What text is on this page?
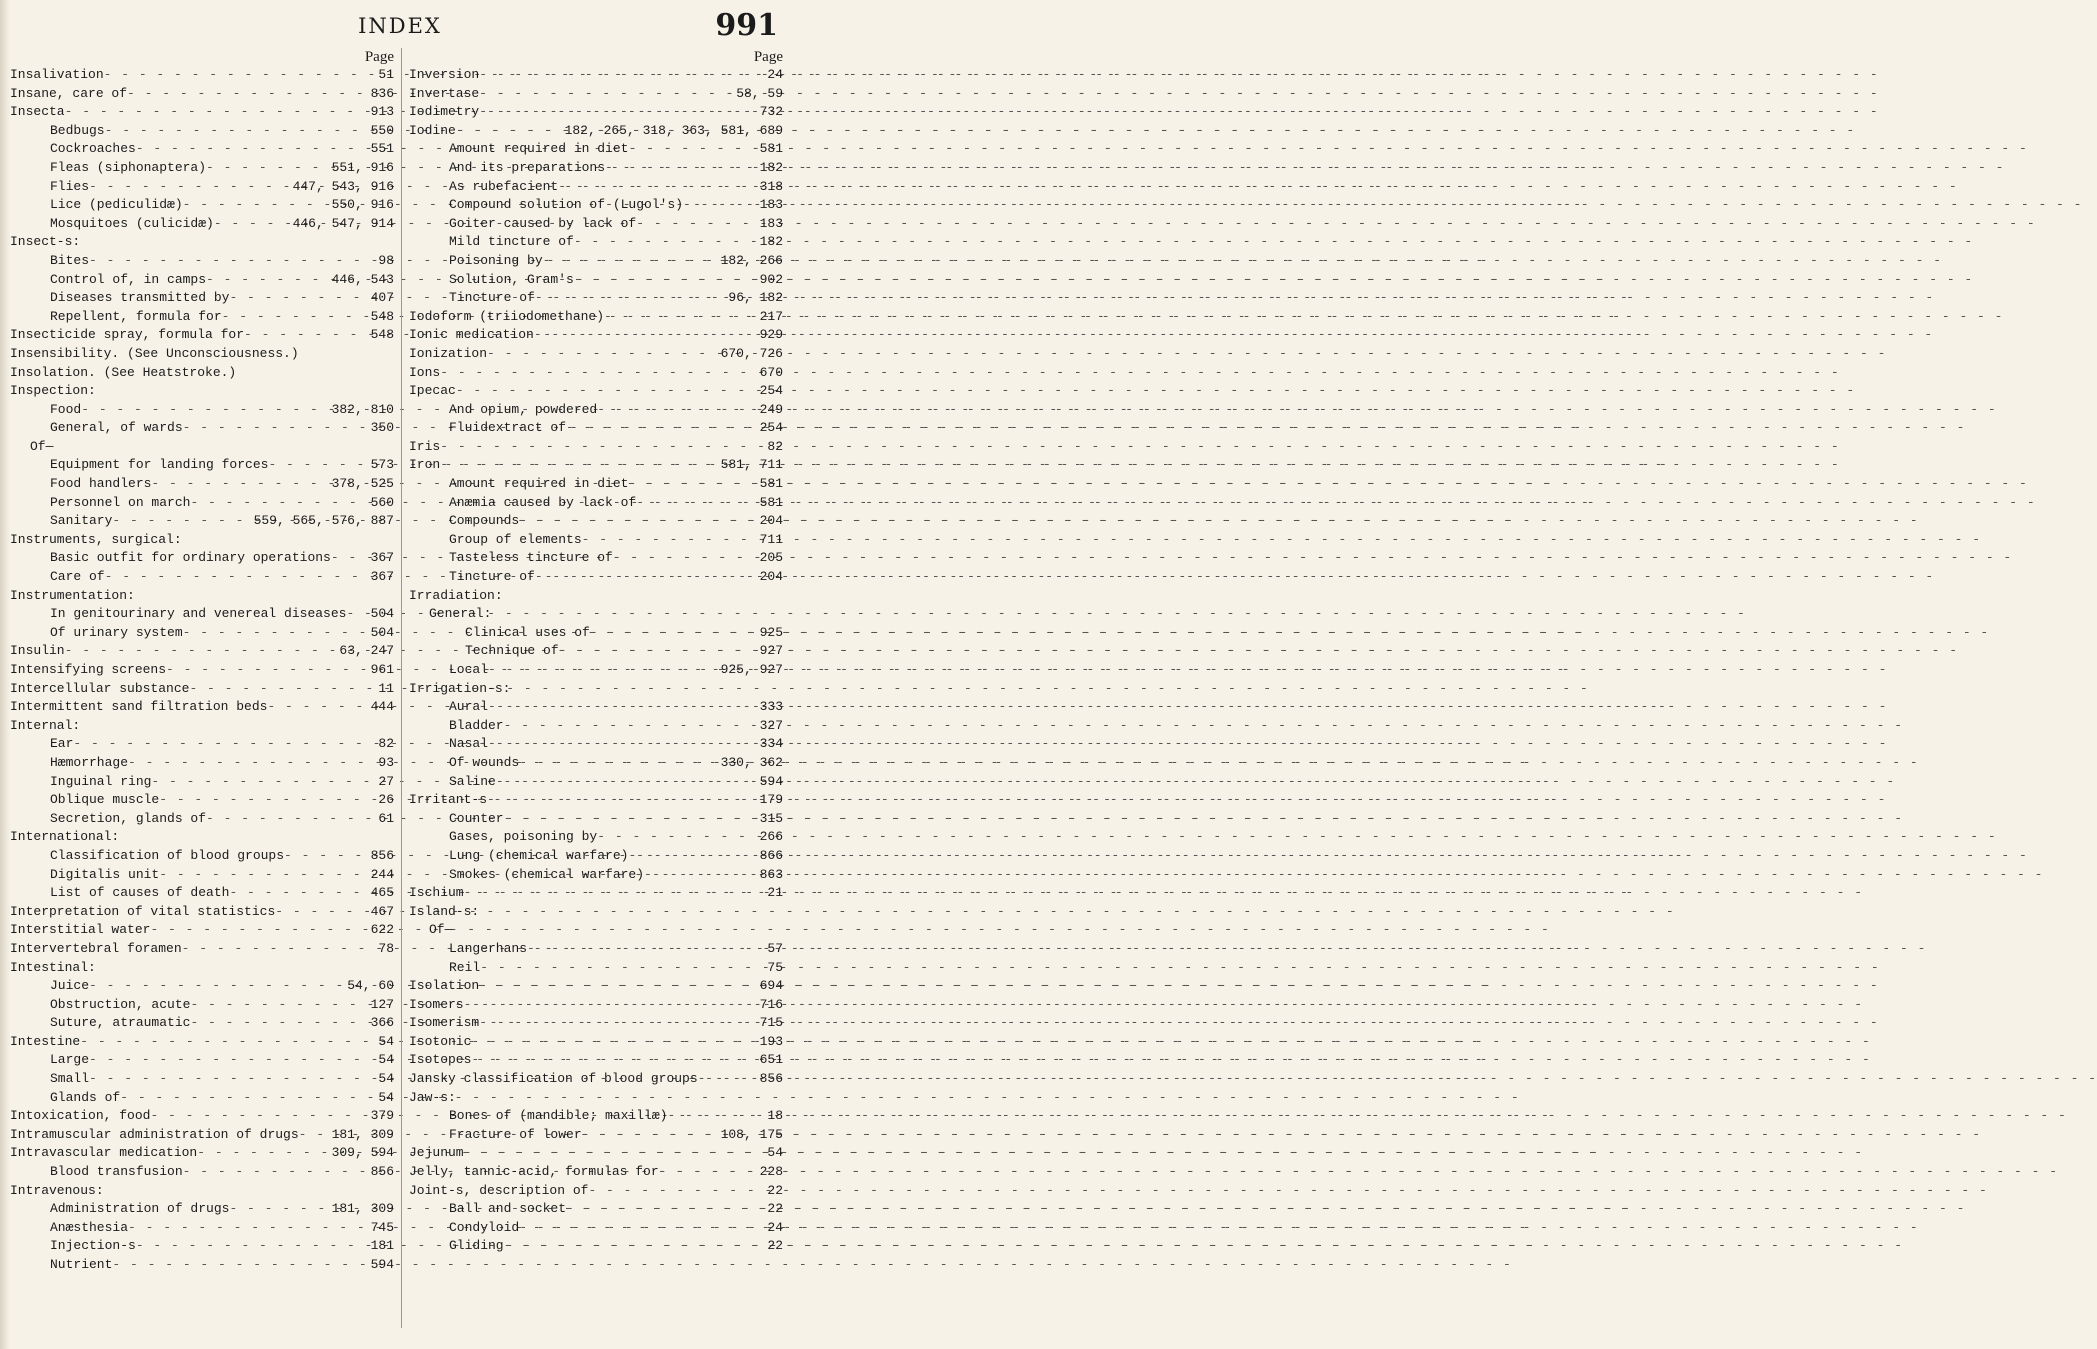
INDEX	991
Page
Insalivation - - -	51
Insane, care of - - -	836
Insecta - - -	913
Bedbugs - - -	550
Cockroaches - - -	551
Fleas (siphonaptera) - - -	551, 916
Flies - - -	447, 543, 916
Lice (pediculidæ) - - -	550, 916
Mosquitoes (culicidæ) - - -	446, 547, 914
Insect-s:
Bites - - -	98
Control of, in camps - - -	446, 543
Diseases transmitted by - - -	407
Repellent, formula for - - -	548
Insecticide spray, formula for - - -	548
Insensibility. (See Unconsciousness.)
Insolation. (See Heatstroke.)
Inspection:
Food - - -	382, 810
General, of wards - - -	350
Of—
Equipment for landing forces - - -	573
Food handlers - - -	378, 525
Personnel on march - - -	560
Sanitary - - -	559, 565, 576, 887
Instruments, surgical:
Basic outfit for ordinary operations - - -	367
Care of - - -	367
Instrumentation:
In genitourinary and venereal diseases - - -	504
Of urinary system - - -	504
Insulin - - -	63, 247
Intensifying screens - - -	961
Intercellular substance - - -	11
Intermittent sand filtration beds - - -	444
Internal:
Ear - - -	82
Hæmorrhage - - -	93
Inguinal ring - - -	27
Oblique muscle - - -	26
Secretion, glands of - - -	61
International:
Classification of blood groups - - -	856
Digitalis unit - - -	244
List of causes of death - - -	465
Interpretation of vital statistics - - -	467
Interstitial water - - -	622
Intervertebral foramen - - -	78
Intestinal:
Juice - - -	54, 60
Obstruction, acute - - -	127
Suture, atraumatic - - -	366
Intestine - - -	54
Large - - -	54
Small - - -	54
Glands of - - -	54
Intoxication, food - - -	379
Intramuscular administration of drugs - - -	181, 309
Intravascular medication - - -	309, 594
Blood transfusion - - -	856
Intravenous:
Administration of drugs - - -	181, 309
Anæsthesia - - -	745
Injection-s - - -	181
Nutrient - - -	594
Page
Inversion - - -	24
Invertase - - -	58, 59
Iodimetry - - -	732
Iodine - - -	182, 265, 318, 363, 581, 689
Amount required in diet - - -	581
And its preparations - - -	182
As rubefacient - - -	318
Compound solution of (Lugol's) - - -	183
Goiter caused by lack of - - -	183
Mild tincture of - - -	182
Poisoning by - - -	182, 266
Solution, Gram's - - -	902
Tincture of - - -	96, 182
Iodoform (triiodomethane) - - -	217
Ionic medication - - -	929
Ionization - - -	670, 726
Ions - - -	670
Ipecac - - -	254
And opium, powdered - - -	249
Fluidextract of - - -	254
Iris - - -	82
Iron - - -	581, 711
Amount required in diet - - -	581
Anæmia caused by lack of - - -	581
Compounds - - -	204
Group of elements - - -	711
Tasteless tincture of - - -	205
Tincture of - - -	204
Irradiation:
General:
Clinical uses of - - -	925
Technique of - - -	927
Local - - -	925, 927
Irrigation-s:
Aural - - -	333
Bladder - - -	327
Nasal - - -	334
Of wounds - - -	330, 362
Saline - - -	594
Irritant-s - - -	179
Counter - - -	315
Gases, poisoning by - - -	266
Lung (chemical warfare) - - -	866
Smokes (chemical warfare) - - -	863
Ischium - - -	21
Island-s:
Of—
Langerhans - - -	57
Reil - - -	75
Isolation - - -	694
Isomers - - -	716
Isomerism - - -	715
Isotonic - - -	193
Isotopes - - -	651
Jansky classification of blood groups - - -	856
Jaw-s:
Bones of (mandible; maxillæ) - - -	18
Fracture of lower - - -	108, 175
Jejunum - - -	54
Jelly, tannic-acid, formulas for - - -	228
Joint-s, description of - - -	22
Ball and socket - - -	22
Condyloid - - -	24
Gliding - - -	22
